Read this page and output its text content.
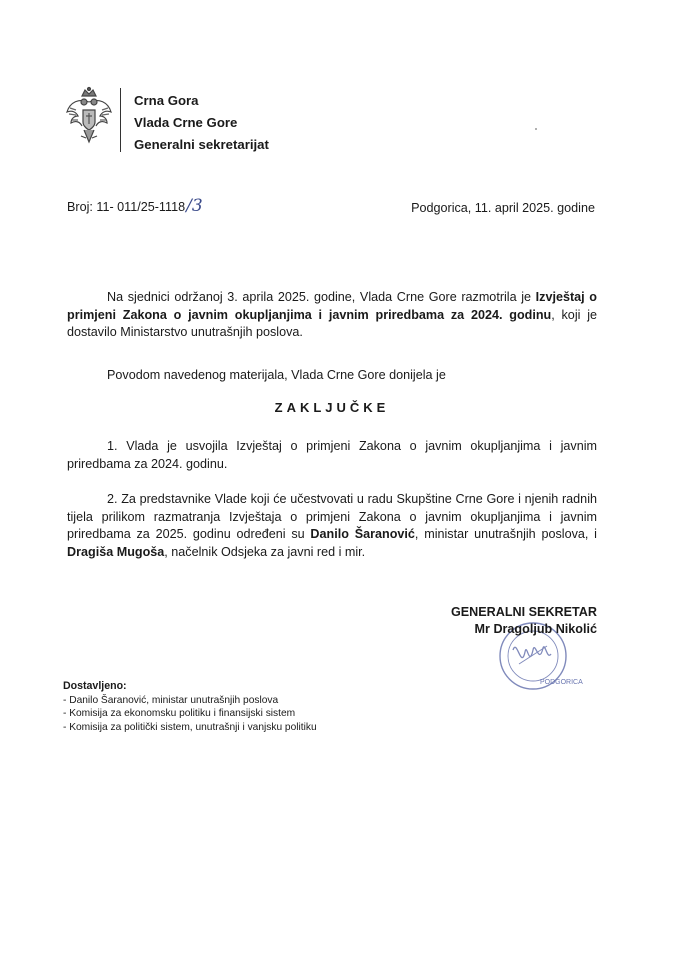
Crna Gora
Vlada Crne Gore
Generalni sekretarijat
Broj: 11- 011/25-1118/3	Podgorica, 11. april 2025. godine
Na sjednici održanoj 3. aprila 2025. godine, Vlada Crne Gore razmotrila je Izvještaj o primjeni Zakona o javnim okupljanjima i javnim priredbama za 2024. godinu, koji je dostavilo Ministarstvo unutrašnjih poslova.
Povodom navedenog materijala, Vlada Crne Gore donijela je
ZAKLJUČKE
1. Vlada je usvojila Izvještaj o primjeni Zakona o javnim okupljanjima i javnim priredbama za 2024. godinu.
2. Za predstavnike Vlade koji će učestvovati u radu Skupštine Crne Gore i njenih radnih tijela prilikom razmatranja Izvještaja o primjeni Zakona o javnim okupljanjima i javnim priredbama za 2025. godinu određeni su Danilo Šaranović, ministar unutrašnjih poslova, i Dragiša Mugoša, načelnik Odsjeka za javni red i mir.
PODGORICA
GENERALNI SEKRETAR
Mr Dragoljub Nikolić
Dostavljeno:
- Danilo Šaranović, ministar unutrašnjih poslova
- Komisija za ekonomsku politiku i finansijski sistem
- Komisija za politički sistem, unutrašnji i vanjsku politiku
